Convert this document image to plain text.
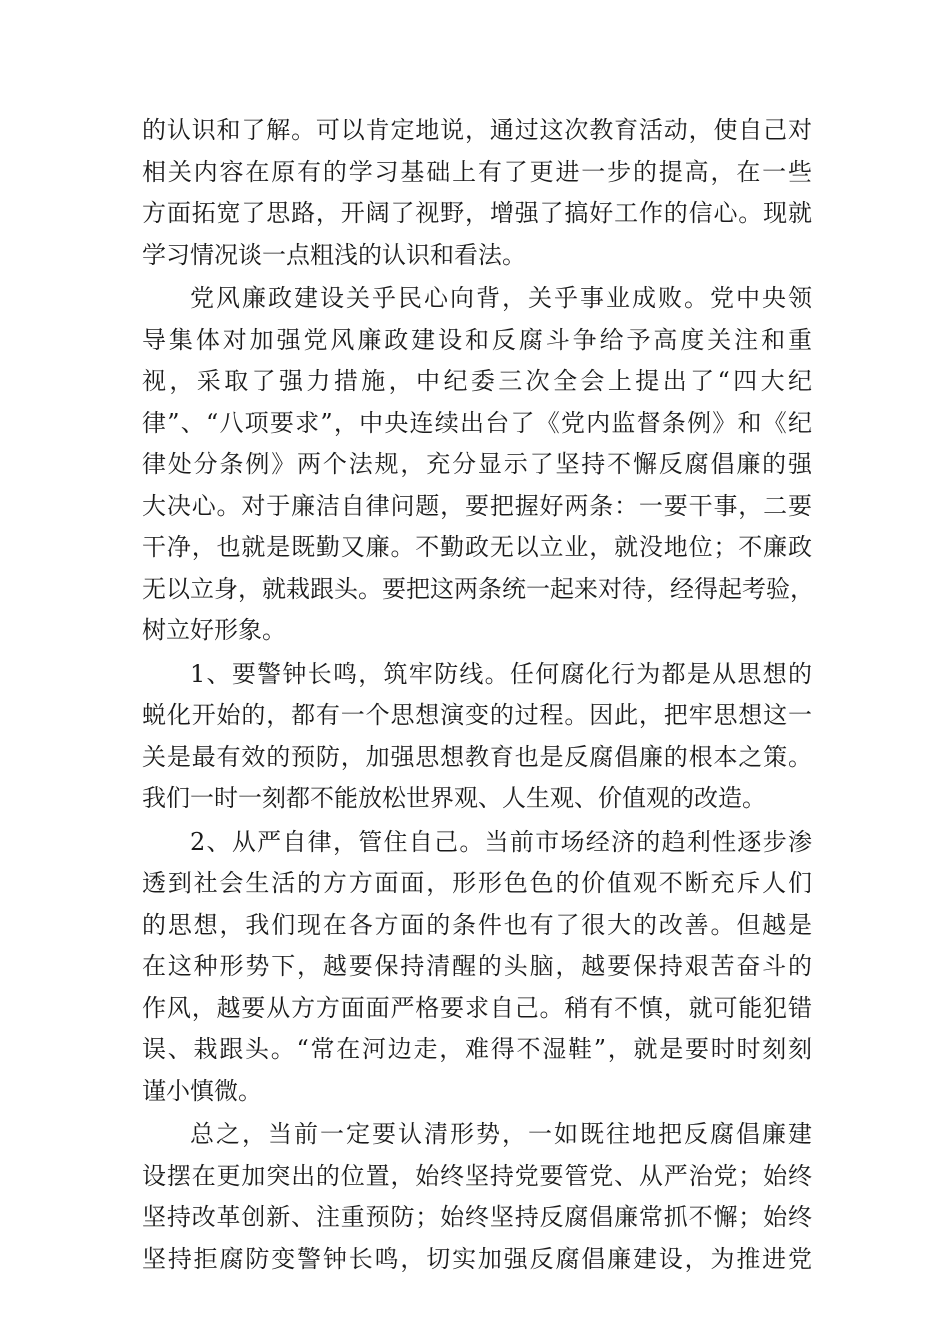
的认识和了解。可以肯定地说，通过这次教育活动，使自己对
相关内容在原有的学习基础上有了更进一步的提高，在一些
方面拓宽了思路，开阔了视野，增强了搞好工作的信心。现就
学习情况谈一点粗浅的认识和看法。
党风廉政建设关乎民心向背，关乎事业成败。党中央领
导集体对加强党风廉政建设和反腐斗争给予高度关注和重
视，采取了强力措施，中纪委三次全会上提出了“四大纪
律”、“八项要求”，中央连续出台了《党内监督条例》和《纪
律处分条例》两个法规，充分显示了坚持不懈反腐倡廉的强
大决心。对于廉洁自律问题，要把握好两条：一要干事，二要
干净，也就是既勤又廉。不勤政无以立业，就没地位；不廉政
无以立身，就栽跟头。要把这两条统一起来对待，经得起考验，
树立好形象。
1、要警钟长鸣，筑牢防线。任何腐化行为都是从思想的
蜕化开始的，都有一个思想演变的过程。因此，把牢思想这一
关是最有效的预防，加强思想教育也是反腐倡廉的根本之策。
我们一时一刻都不能放松世界观、人生观、价值观的改造。
2、从严自律，管住自己。当前市场经济的趋利性逐步渗
透到社会生活的方方面面，形形色色的价值观不断充斥人们
的思想，我们现在各方面的条件也有了很大的改善。但越是
在这种形势下，越要保持清醒的头脑，越要保持艰苦奋斗的
作风，越要从方方面面严格要求自己。稍有不慎，就可能犯错
误、栽跟头。“常在河边走，难得不湿鞋”，就是要时时刻刻
谨小慎微。
总之，当前一定要认清形势，一如既往地把反腐倡廉建
设摆在更加突出的位置，始终坚持党要管党、从严治党；始终
坚持改革创新、注重预防；始终坚持反腐倡廉常抓不懈；始终
坚持拒腐防变警钟长鸣，切实加强反腐倡廉建设，为推进党
